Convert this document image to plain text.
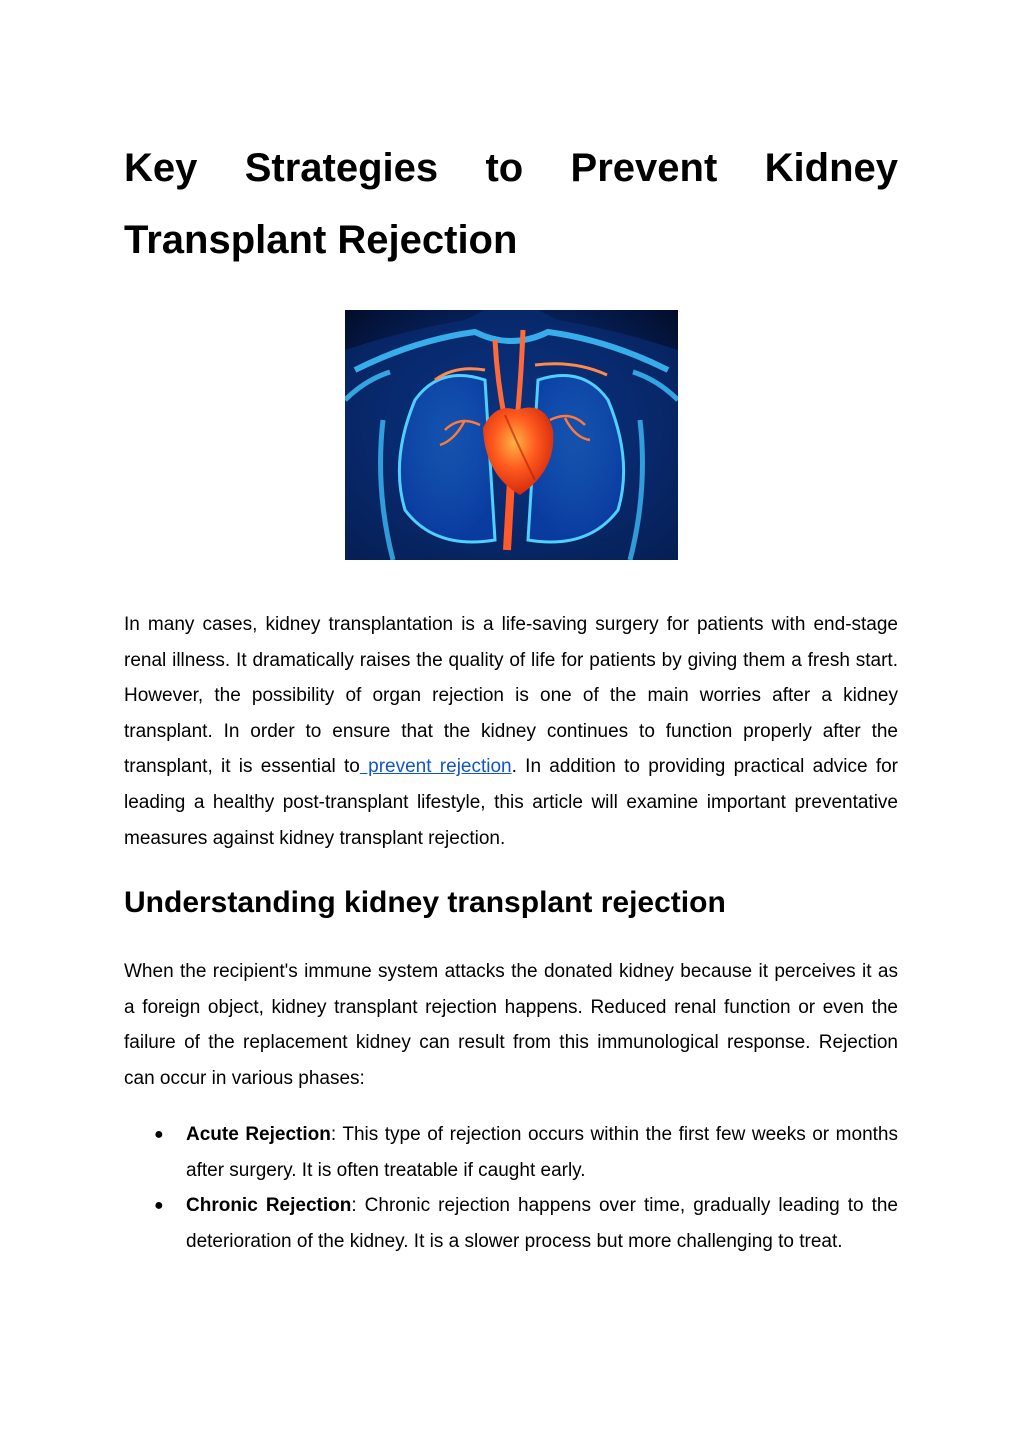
Key Strategies to Prevent Kidney Transplant Rejection

In many cases, kidney transplantation is a life-saving surgery for patients with end-stage renal illness. It dramatically raises the quality of life for patients by giving them a fresh start. However, the possibility of organ rejection is one of the main worries after a kidney transplant. In order to ensure that the kidney continues to function properly after the transplant, it is essential to prevent rejection. In addition to providing practical advice for leading a healthy post-transplant lifestyle, this article will examine important preventative measures against kidney transplant rejection.

Understanding kidney transplant rejection

When the recipient's immune system attacks the donated kidney because it perceives it as a foreign object, kidney transplant rejection happens. Reduced renal function or even the failure of the replacement kidney can result from this immunological response. Rejection can occur in various phases:

● Acute Rejection: This type of rejection occurs within the first few weeks or months after surgery. It is often treatable if caught early.
● Chronic Rejection: Chronic rejection happens over time, gradually leading to the deterioration of the kidney. It is a slower process but more challenging to treat.
